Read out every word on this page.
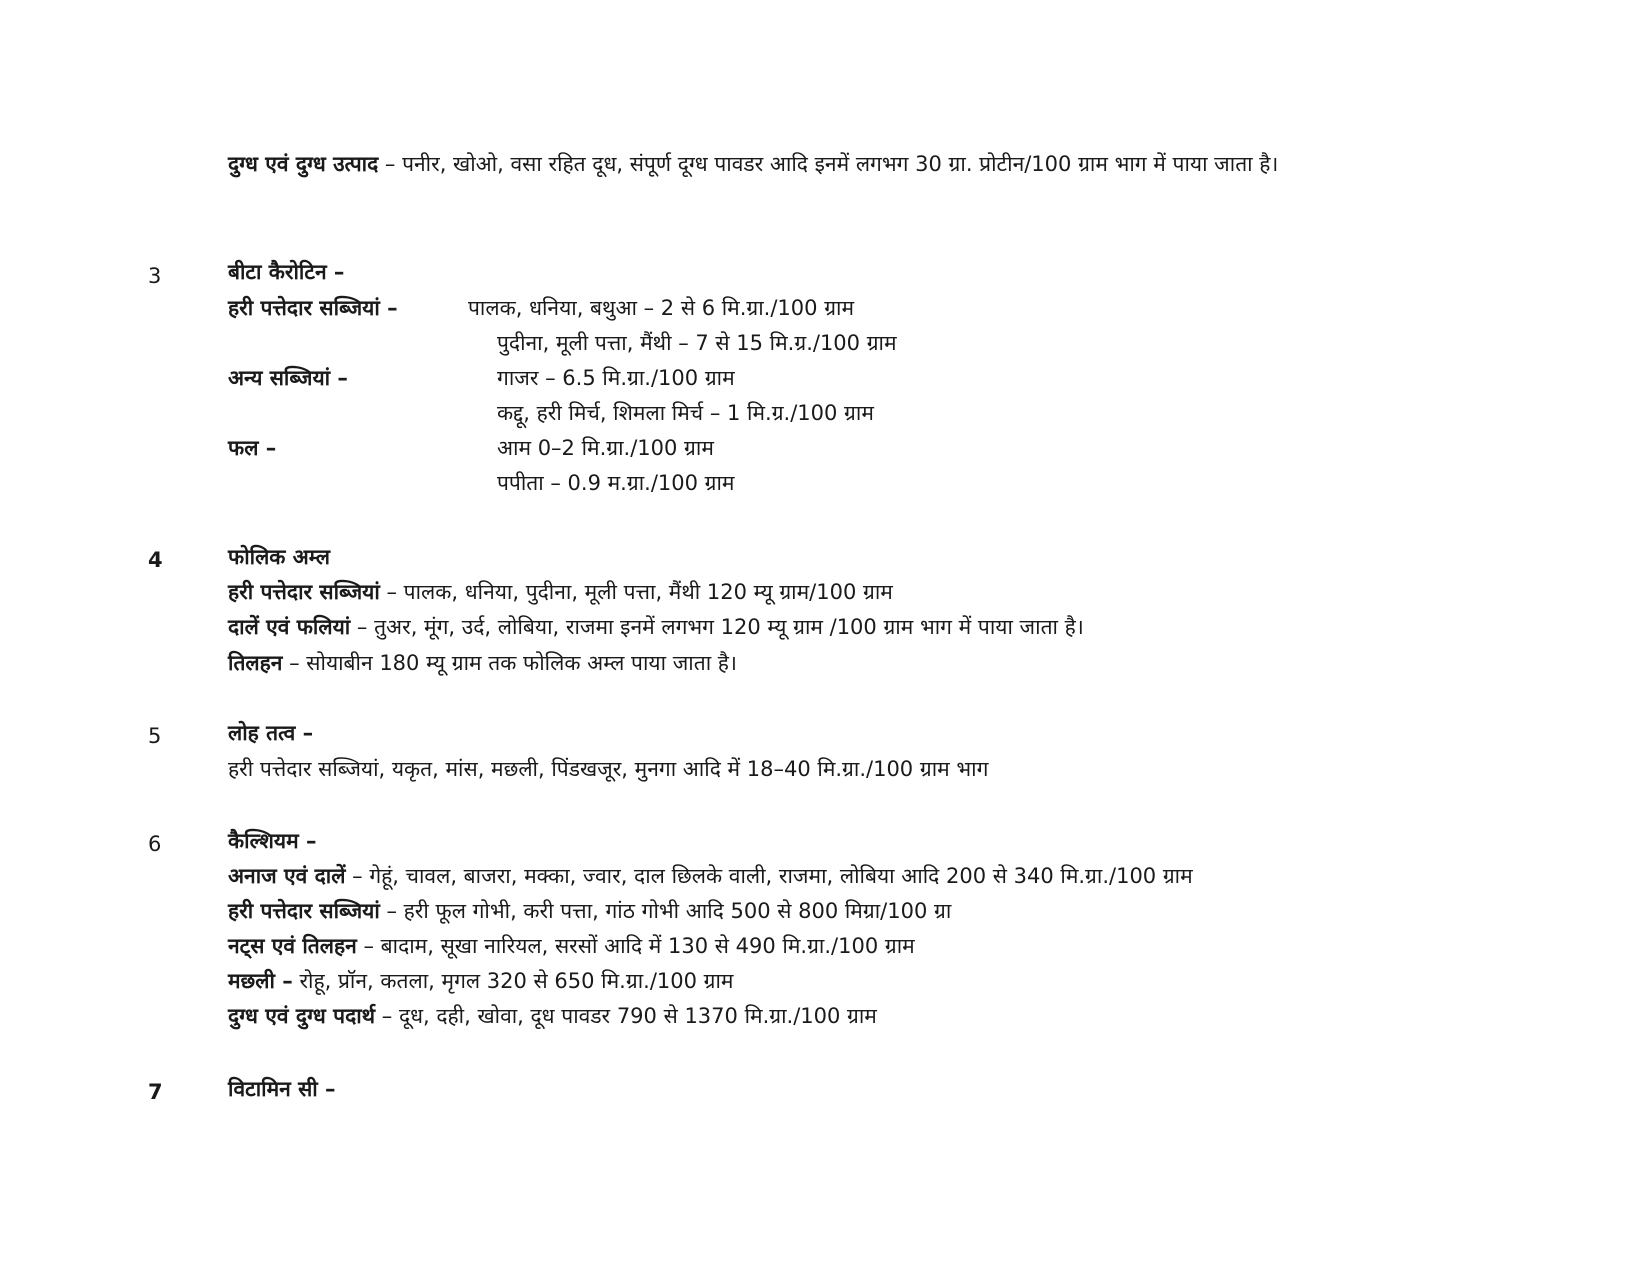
दुग्ध एवं दुग्ध उत्पाद – पनीर, खोओ, वसा रहित दूध, संपूर्ण दूग्ध पावडर आदि इनमें लगभग 30 ग्रा. प्रोटीन/100 ग्राम भाग में पाया जाता है।
3	बीटा कैरोटिन –
हरी पत्तेदार सब्जियां –	पालक, धनिया, बथुआ – 2 से 6 मि.ग्रा./100 ग्राम
पुदीना, मूली पत्ता, मैंथी – 7 से 15 मि.ग्र./100 ग्राम
अन्य सब्जियां –	गाजर – 6.5 मि.ग्रा./100 ग्राम
कद्दू, हरी मिर्च, शिमला मिर्च – 1 मि.ग्र./100 ग्राम
फल –	आम 0–2 मि.ग्रा./100 ग्राम
पपीता – 0.9 म.ग्रा./100 ग्राम
4	फोलिक अम्ल
हरी पत्तेदार सब्जियां – पालक, धनिया, पुदीना, मूली पत्ता, मैंथी 120 म्यू ग्राम/100 ग्राम
दालें एवं फलियां – तुअर, मूंग, उर्द, लोबिया, राजमा इनमें लगभग 120 म्यू ग्राम /100 ग्राम भाग में पाया जाता है।
तिलहन – सोयाबीन 180 म्यू ग्राम तक फोलिक अम्ल पाया जाता है।
5	लोह तत्व –
हरी पत्तेदार सब्जियां, यकृत, मांस, मछली, पिंडखजूर, मुनगा आदि में 18–40 मि.ग्रा./100 ग्राम भाग
6	कैल्शियम –
अनाज एवं दालें – गेहूं, चावल, बाजरा, मक्का, ज्वार, दाल छिलके वाली, राजमा, लोबिया आदि 200 से 340 मि.ग्रा./100 ग्राम
हरी पत्तेदार सब्जियां – हरी फूल गोभी, करी पत्ता, गांठ गोभी आदि 500 से 800 मिग्रा/100 ग्रा
नट्स एवं तिलहन – बादाम, सूखा नारियल, सरसों आदि में 130 से 490 मि.ग्रा./100 ग्राम
मछली – रोहू, प्रॉन, कतला, मृगल 320 से 650 मि.ग्रा./100 ग्राम
दुग्ध एवं दुग्ध पदार्थ – दूध, दही, खोवा, दूध पावडर 790 से 1370 मि.ग्रा./100 ग्राम
7	विटामिन सी –
